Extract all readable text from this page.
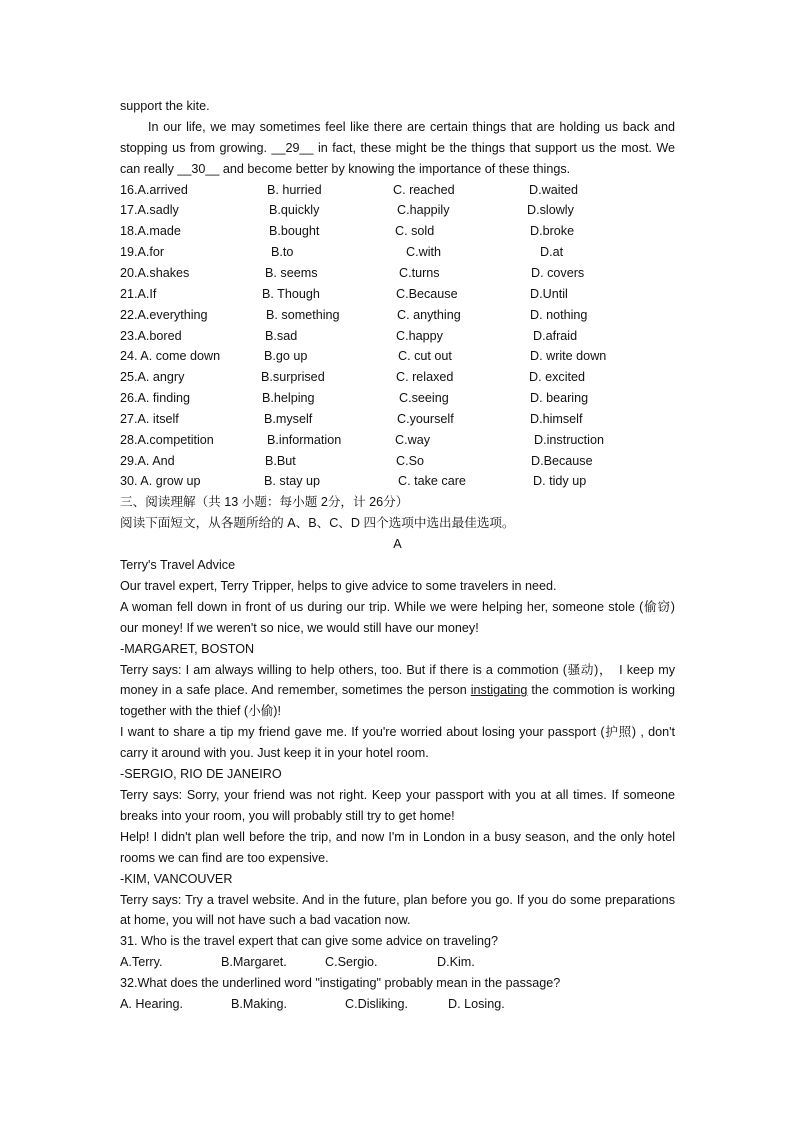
support the kite.

In our life, we may sometimes feel like there are certain things that are holding us back and stopping us from growing. __29__ in fact, these might be the things that support us the most. We can really __30__ and become better by knowing the importance of these things.

16.A.arrived	B. hurried	C. reached	D.waited
17.A.sadly	B.quickly	C.happily	D.slowly
18.A.made	B.bought	C. sold	D.broke
19.A.for	B.to	C.with	D.at
20.A.shakes	B. seems	C.turns	D. covers
21.A.If	B. Though	C.Because	D.Until
22.A.everything	B. something	C. anything	D. nothing
23.A.bored	B.sad	C.happy	D.afraid
24. A. come down	B.go up	C. cut out	D. write down
25.A. angry	B.surprised	C. relaxed	D. excited
26.A. finding	B.helping	C.seeing	D. bearing
27.A. itself	B.myself	C.yourself	D.himself
28.A.competition	B.information	C.way	D.instruction
29.A. And	B.But	C.So	D.Because
30. A. grow up	B. stay up	C. take care	D. tidy up

三、阅读理解（共 13 小题：每小题 2分，计 26分）

阅读下面短文，从各题所给的 A、B、C、D 四个选项中选出最佳选项。

A

Terry's Travel Advice

Our travel expert, Terry Tripper, helps to give advice to some travelers in need.

A woman fell down in front of us during our trip. While we were helping her, someone stole (偷窃) our money! If we weren't so nice, we would still have our money!

-MARGARET, BOSTON

Terry says: I am always willing to help others, too. But if there is a commotion (骚动)，　I keep my money in a safe place. And remember, sometimes the person instigating the commotion is working together with the thief (小偷)!

I want to share a tip my friend gave me. If you're worried about losing your passport (护照) , don't carry it around with you. Just keep it in your hotel room.

-SERGIO, RIO DE JANEIRO

Terry says: Sorry, your friend was not right. Keep your passport with you at all times. If someone breaks into your room, you will probably still try to get home!

Help! I didn't plan well before the trip, and now I'm in London in a busy season, and the only hotel rooms we can find are too expensive.

-KIM, VANCOUVER

Terry says: Try a travel website. And in the future, plan before you go. If you do some preparations at home, you will not have such a bad vacation now.

31. Who is the travel expert that can give some advice on traveling?

A.Terry.	B.Margaret.	C.Sergio.	D.Kim.

32.What does the underlined word "instigating" probably mean in the passage?

A. Hearing.	B.Making.	C.Disliking.	D. Losing.
